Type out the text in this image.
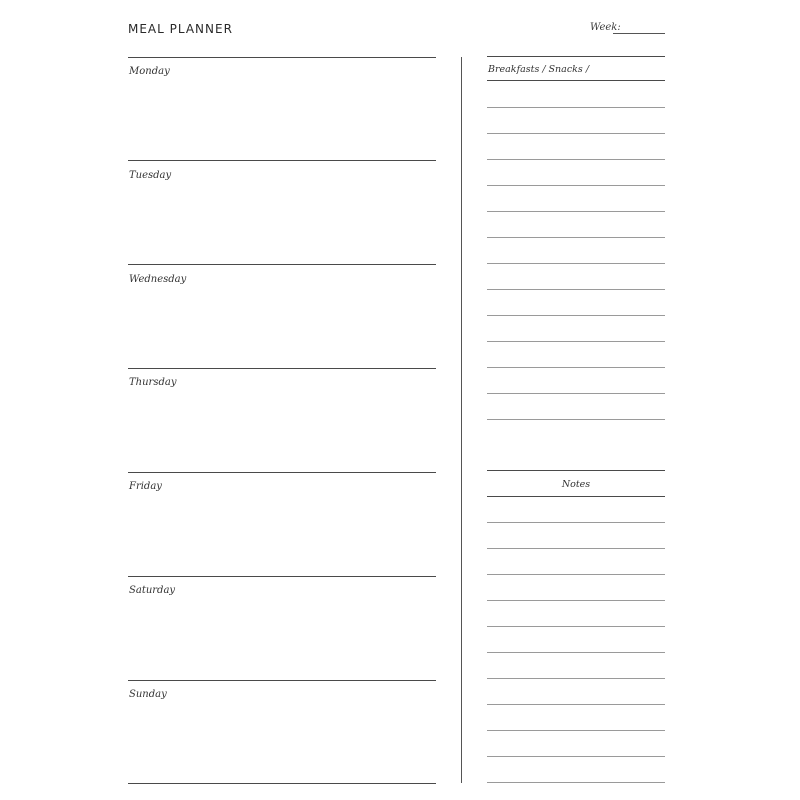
MEAL PLANNER	Week:
Monday
Tuesday
Wednesday
Thursday
Friday
Saturday
Sunday
Breakfasts / Snacks /
Notes
